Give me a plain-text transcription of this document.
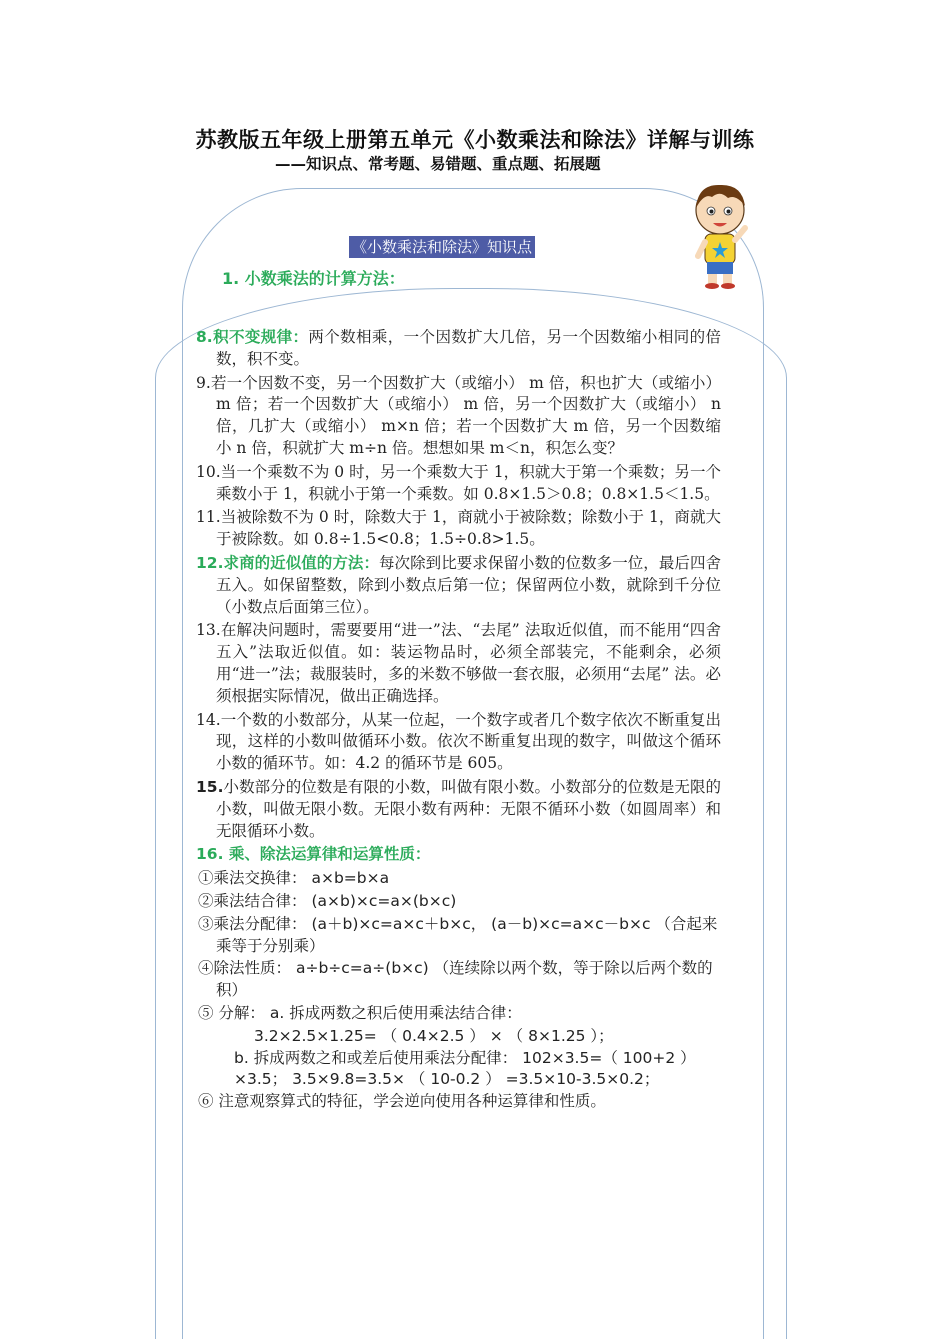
苏教版五年级上册第五单元《小数乘法和除法》详解与训练
——知识点、常考题、易错题、重点题、拓展题
《小数乘法和除法》知识点
1. 小数乘法的计算方法：
8.积不变规律：两个数相乘，一个因数扩大几倍，另一个因数缩小相同的倍数，积不变。
9.若一个因数不变，另一个因数扩大（或缩小） m 倍，积也扩大（或缩小） m 倍；若一个因数扩大（或缩小） m 倍，另一个因数扩大（或缩小） n 倍，几扩大（或缩小） m×n 倍；若一个因数扩大 m 倍，另一个因数缩小 n 倍，积就扩大 m÷n 倍。想想如果 m＜n，积怎么变？
10.当一个乘数不为 0 时，另一个乘数大于 1，积就大于第一个乘数；另一个乘数小于 1，积就小于第一个乘数。如 0.8×1.5＞0.8；0.8×1.5＜1.5。
11.当被除数不为 0 时，除数大于 1，商就小于被除数；除数小于 1，商就大于被除数。如 0.8÷1.5<0.8；1.5÷0.8>1.5。
12.求商的近似值的方法：每次除到比要求保留小数的位数多一位，最后四舍五入。如保留整数，除到小数点后第一位；保留两位小数，就除到千分位（小数点后面第三位）。
13.在解决问题时，需要要用“进一”法、“去尾” 法取近似值，而不能用“四舍五入”法取近似值。如：装运物品时，必须全部装完，不能剩余，必须用“进一”法；裁服装时，多的米数不够做一套衣服，必须用“去尾” 法。必须根据实际情况，做出正确选择。
14.一个数的小数部分，从某一位起，一个数字或者几个数字依次不断重复出现，这样的小数叫做循环小数。依次不断重复出现的数字，叫做这个循环小数的循环节。如：4.2 的循环节是 605。
15.小数部分的位数是有限的小数，叫做有限小数。小数部分的位数是无限的小数，叫做无限小数。无限小数有两种：无限不循环小数（如圆周率）和无限循环小数。
16. 乘、除法运算律和运算性质：
①乘法交换律： a×b=b×a
②乘法结合律： (a×b)×c=a×(b×c)
③乘法分配律： (a＋b)×c=a×c＋b×c， (a－b)×c=a×c－b×c （合起来乘等于分别乘）
④除法性质： a÷b÷c=a÷(b×c) （连续除以两个数，等于除以后两个数的积）
⑤ 分解： a. 拆成两数之积后使用乘法结合律：
3.2×2.5×1.25= （ 0.4×2.5 ） × （ 8×1.25 ）；
b. 拆成两数之和或差后使用乘法分配律： 102×3.5=（ 100+2 ） ×3.5； 3.5×9.8=3.5× （ 10-0.2 ） =3.5×10-3.5×0.2；
⑥ 注意观察算式的特征，学会逆向使用各种运算律和性质。
